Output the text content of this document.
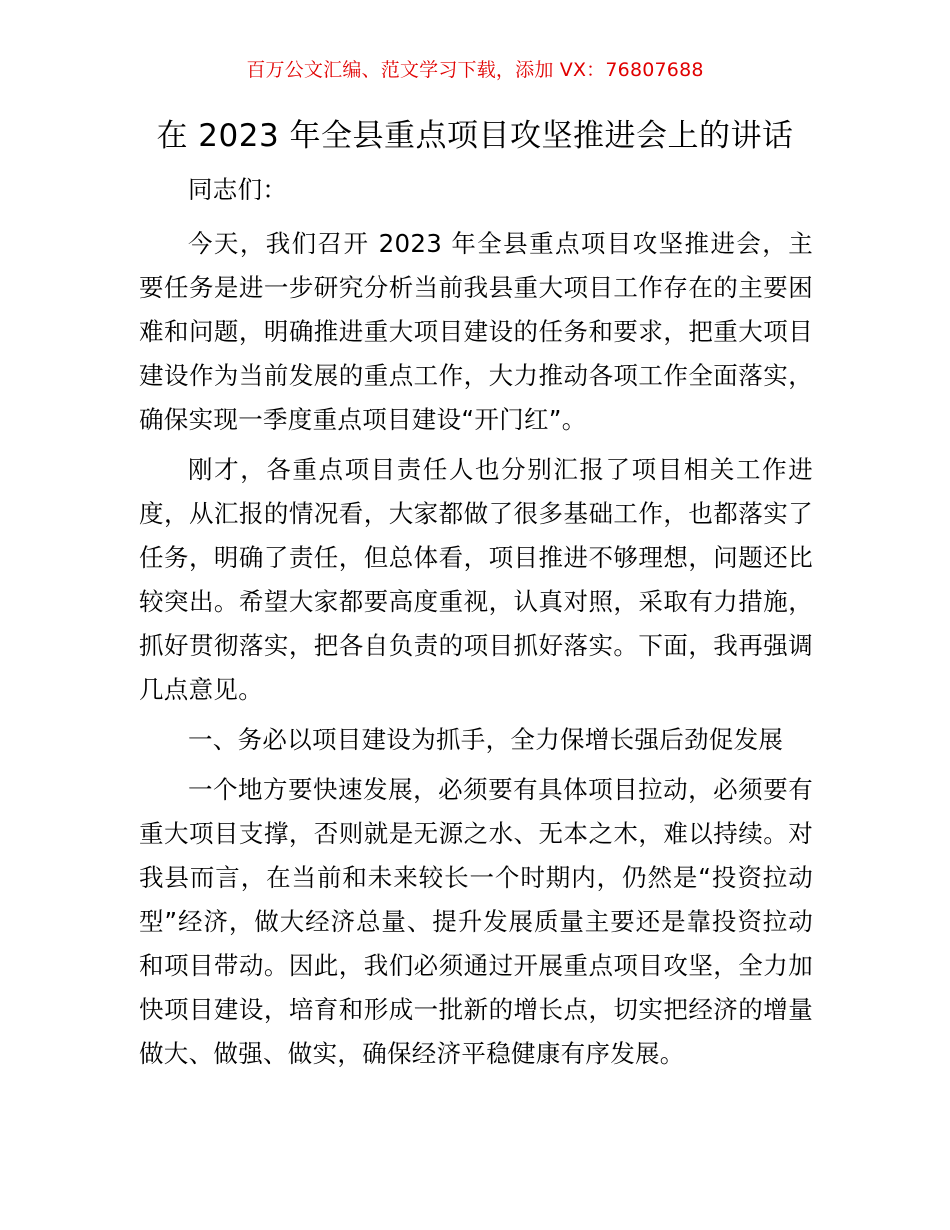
百万公文汇编、范文学习下载，添加 VX：76807688
在 2023 年全县重点项目攻坚推进会上的讲话

同志们：

今天，我们召开 2023 年全县重点项目攻坚推进会，主要任务是进一步研究分析当前我县重大项目工作存在的主要困难和问题，明确推进重大项目建设的任务和要求，把重大项目建设作为当前发展的重点工作，大力推动各项工作全面落实，确保实现一季度重点项目建设“开门红”。

刚才，各重点项目责任人也分别汇报了项目相关工作进度，从汇报的情况看，大家都做了很多基础工作，也都落实了任务，明确了责任，但总体看，项目推进不够理想，问题还比较突出。希望大家都要高度重视，认真对照，采取有力措施，抓好贯彻落实，把各自负责的项目抓好落实。下面，我再强调几点意见。

一、务必以项目建设为抓手，全力保增长强后劲促发展

一个地方要快速发展，必须要有具体项目拉动，必须要有重大项目支撑，否则就是无源之水、无本之木，难以持续。对我县而言，在当前和未来较长一个时期内，仍然是“投资拉动型”经济，做大经济总量、提升发展质量主要还是靠投资拉动和项目带动。因此，我们必须通过开展重点项目攻坚，全力加快项目建设，培育和形成一批新的增长点，切实把经济的增量做大、做强、做实，确保经济平稳健康有序发展。
